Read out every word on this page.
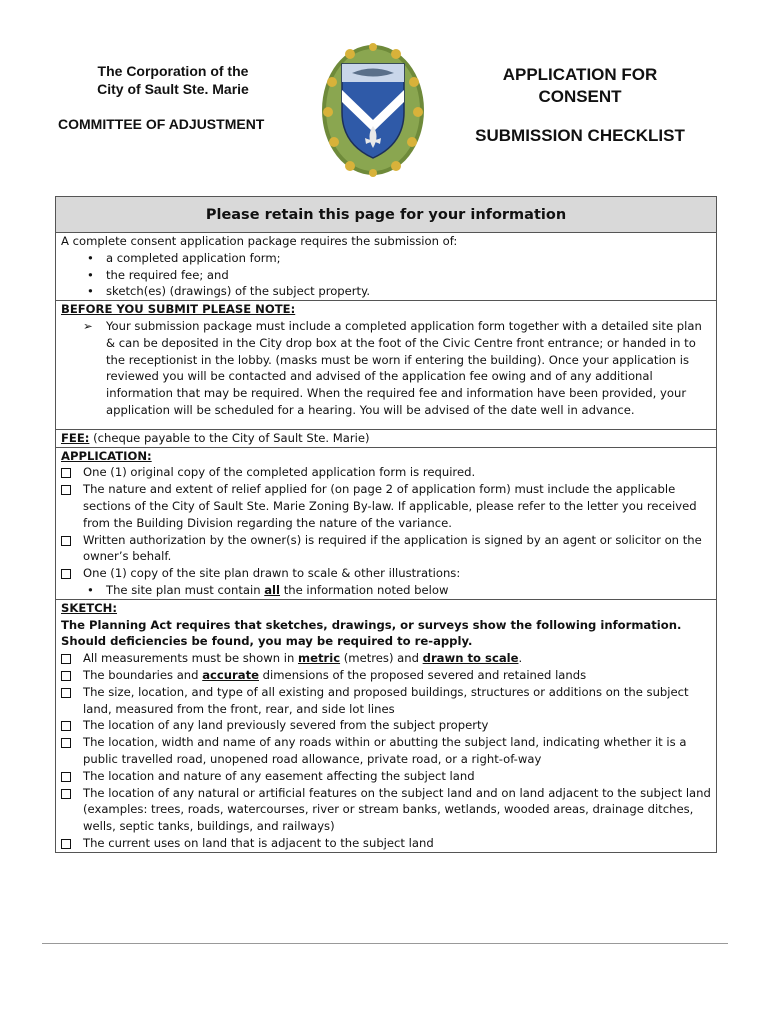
The Corporation of the
City of Sault Ste. Marie
COMMITTEE OF ADJUSTMENT
APPLICATION FOR
CONSENT
SUBMISSION CHECKLIST
Please retain this page for your information
A complete consent application package requires the submission of:
•	a completed application form;
•	the required fee; and
•	sketch(es) (drawings) of the subject property.
BEFORE YOU SUBMIT PLEASE NOTE:
➢	Your submission package must include a completed application form together with a detailed site plan & can be deposited in the City drop box at the foot of the Civic Centre front entrance; or handed in to the receptionist in the lobby. (masks must be worn if entering the building). Once your application is reviewed you will be contacted and advised of the application fee owing and of any additional information that may be required. When the required fee and information have been provided, your application will be scheduled for a hearing. You will be advised of the date well in advance.
FEE: (cheque payable to the City of Sault Ste. Marie)
APPLICATION:
One (1) original copy of the completed application form is required.
The nature and extent of relief applied for (on page 2 of application form) must include the applicable sections of the City of Sault Ste. Marie Zoning By-law. If applicable, please refer to the letter you received from the Building Division regarding the nature of the variance.
Written authorization by the owner(s) is required if the application is signed by an agent or solicitor on the owner’s behalf.
One (1) copy of the site plan drawn to scale & other illustrations:
•	The site plan must contain all the information noted below
SKETCH:
The Planning Act requires that sketches, drawings, or surveys show the following information. Should deficiencies be found, you may be required to re-apply.
All measurements must be shown in metric (metres) and drawn to scale.
The boundaries and accurate dimensions of the proposed severed and retained lands
The size, location, and type of all existing and proposed buildings, structures or additions on the subject land, measured from the front, rear, and side lot lines
The location of any land previously severed from the subject property
The location, width and name of any roads within or abutting the subject land, indicating whether it is a public travelled road, unopened road allowance, private road, or a right-of-way
The location and nature of any easement affecting the subject land
The location of any natural or artificial features on the subject land and on land adjacent to the subject land (examples: trees, roads, watercourses, river or stream banks, wetlands, wooded areas, drainage ditches, wells, septic tanks, buildings, and railways)
The current uses on land that is adjacent to the subject land
